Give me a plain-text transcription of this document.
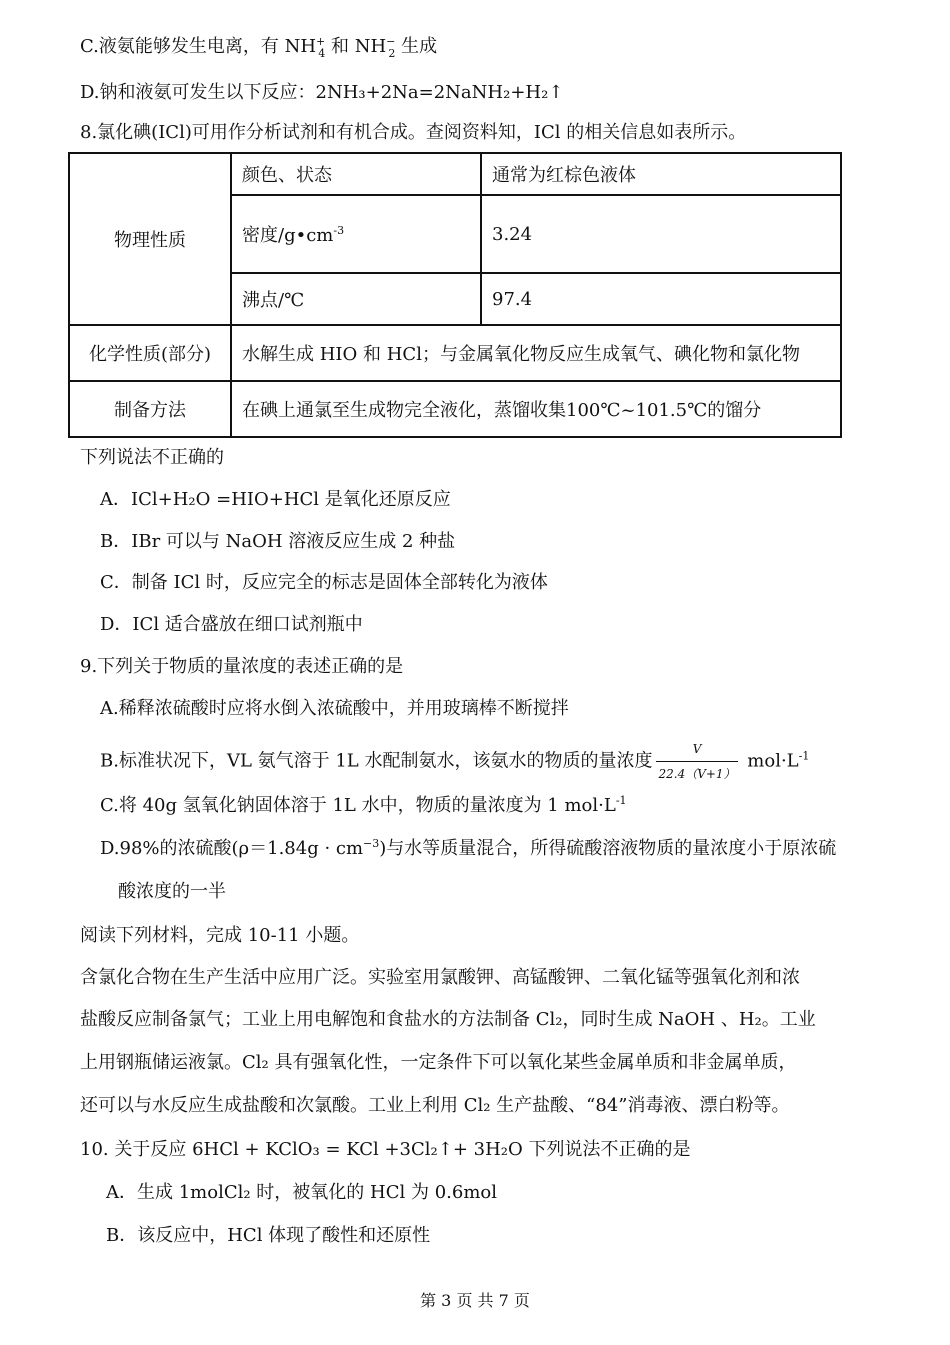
C.液氨能够发生电离，有 $NH^+_4$ 和 $NH^-_2$ 生成
D.钠和液氨可发生以下反应：2NH₃+2Na=2NaNH₂+H₂↑
8.氯化碘(ICl)可用作分析试剂和有机合成。查阅资料知，ICl 的相关信息如表所示。
物理性质	颜色、状态	通常为红棕色液体
	密度$/g•cm^{-3}$	3.24
	沸点/℃	97.4
化学性质(部分)	水解生成 HIO 和 HCl；与金属氧化物反应生成氧气、碘化物和氯化物	
制备方法	在碘上通氯至生成物完全液化，蒸馏收集100℃~101.5℃的馏分	
下列说法不正确的
A．ICl+H₂O =HIO+HCl 是氧化还原反应
B．IBr 可以与 NaOH 溶液反应生成 2 种盐
C．制备 ICl 时，反应完全的标志是固体全部转化为液体
D．ICl 适合盛放在细口试剂瓶中
9.下列关于物质的量浓度的表述正确的是
A.稀释浓硫酸时应将水倒入浓硫酸中，并用玻璃棒不断搅拌
B.标准状况下，VL 氨气溶于 1L 水配制氨水，该氨水的物质的量浓度 $\frac{V}{22.4(V+1)} mol\cdot L^{-1}$
C.将 40g 氢氧化钠固体溶于 1L 水中，物质的量浓度为 1 $mol\cdot L^{-1}$
D.98%的浓硫酸$(\rho=1.84g \cdot cm^{-3})$与水等质量混合，所得硫酸溶液物质的量浓度小于原浓硫
酸浓度的一半
阅读下列材料，完成 10-11 小题。
含氯化合物在生产生活中应用广泛。实验室用氯酸钾、高锰酸钾、二氧化锰等强氧化剂和浓
盐酸反应制备氯气；工业上用电解饱和食盐水的方法制备 Cl₂，同时生成 NaOH 、H₂。工业
上用钢瓶储运液氯。Cl₂ 具有强氧化性，一定条件下可以氧化某些金属单质和非金属单质，
还可以与水反应生成盐酸和次氯酸。工业上利用 Cl₂ 生产盐酸、“84”消毒液、漂白粉等。
10. 关于反应 6HCl + KClO₃ = KCl +3Cl₂↑+ 3H₂O 下列说法不正确的是
A．生成 1molCl₂ 时，被氧化的 HCl 为 0.6mol
B．该反应中，HCl 体现了酸性和还原性
第 3 页 共 7 页
